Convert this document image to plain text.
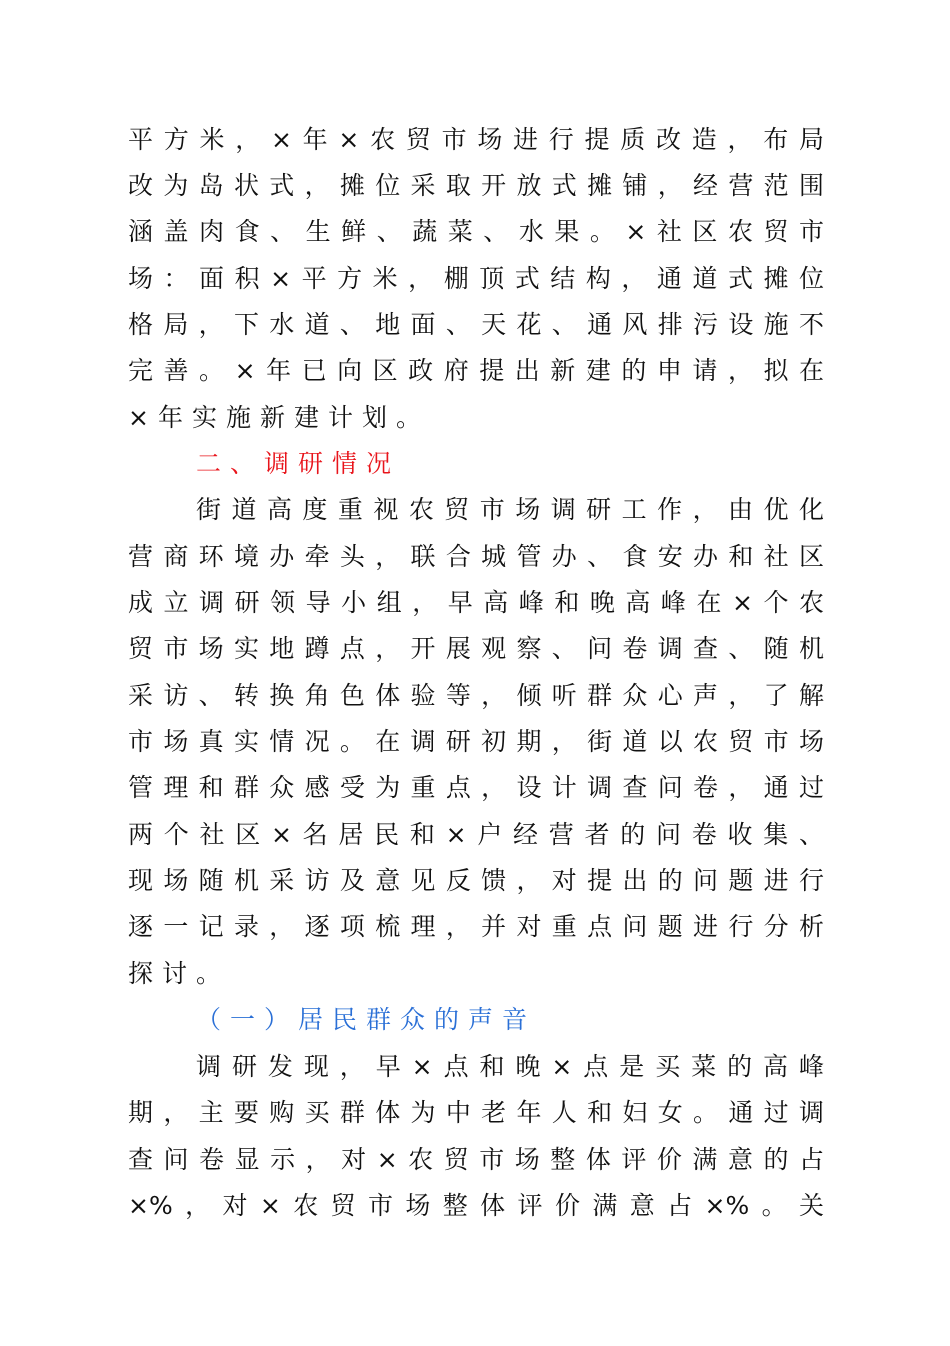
平方米，×年×农贸市场进行提质改造，布局
改为岛状式，摊位采取开放式摊铺，经营范围
涵盖肉食、生鲜、蔬菜、水果。×社区农贸市
场：面积×平方米，棚顶式结构，通道式摊位
格局，下水道、地面、天花、通风排污设施不
完善。×年已向区政府提出新建的申请，拟在
×年实施新建计划。
二、调研情况
街道高度重视农贸市场调研工作，由优化
营商环境办牵头，联合城管办、食安办和社区
成立调研领导小组，早高峰和晚高峰在×个农
贸市场实地蹲点，开展观察、问卷调查、随机
采访、转换角色体验等，倾听群众心声，了解
市场真实情况。在调研初期，街道以农贸市场
管理和群众感受为重点，设计调查问卷，通过
两个社区×名居民和×户经营者的问卷收集、
现场随机采访及意见反馈，对提出的问题进行
逐一记录，逐项梳理，并对重点问题进行分析
探讨。
（一）居民群众的声音
调研发现，早×点和晚×点是买菜的高峰
期，主要购买群体为中老年人和妇女。通过调
查问卷显示，对×农贸市场整体评价满意的占
×%，对×农贸市场整体评价满意占×%。关
